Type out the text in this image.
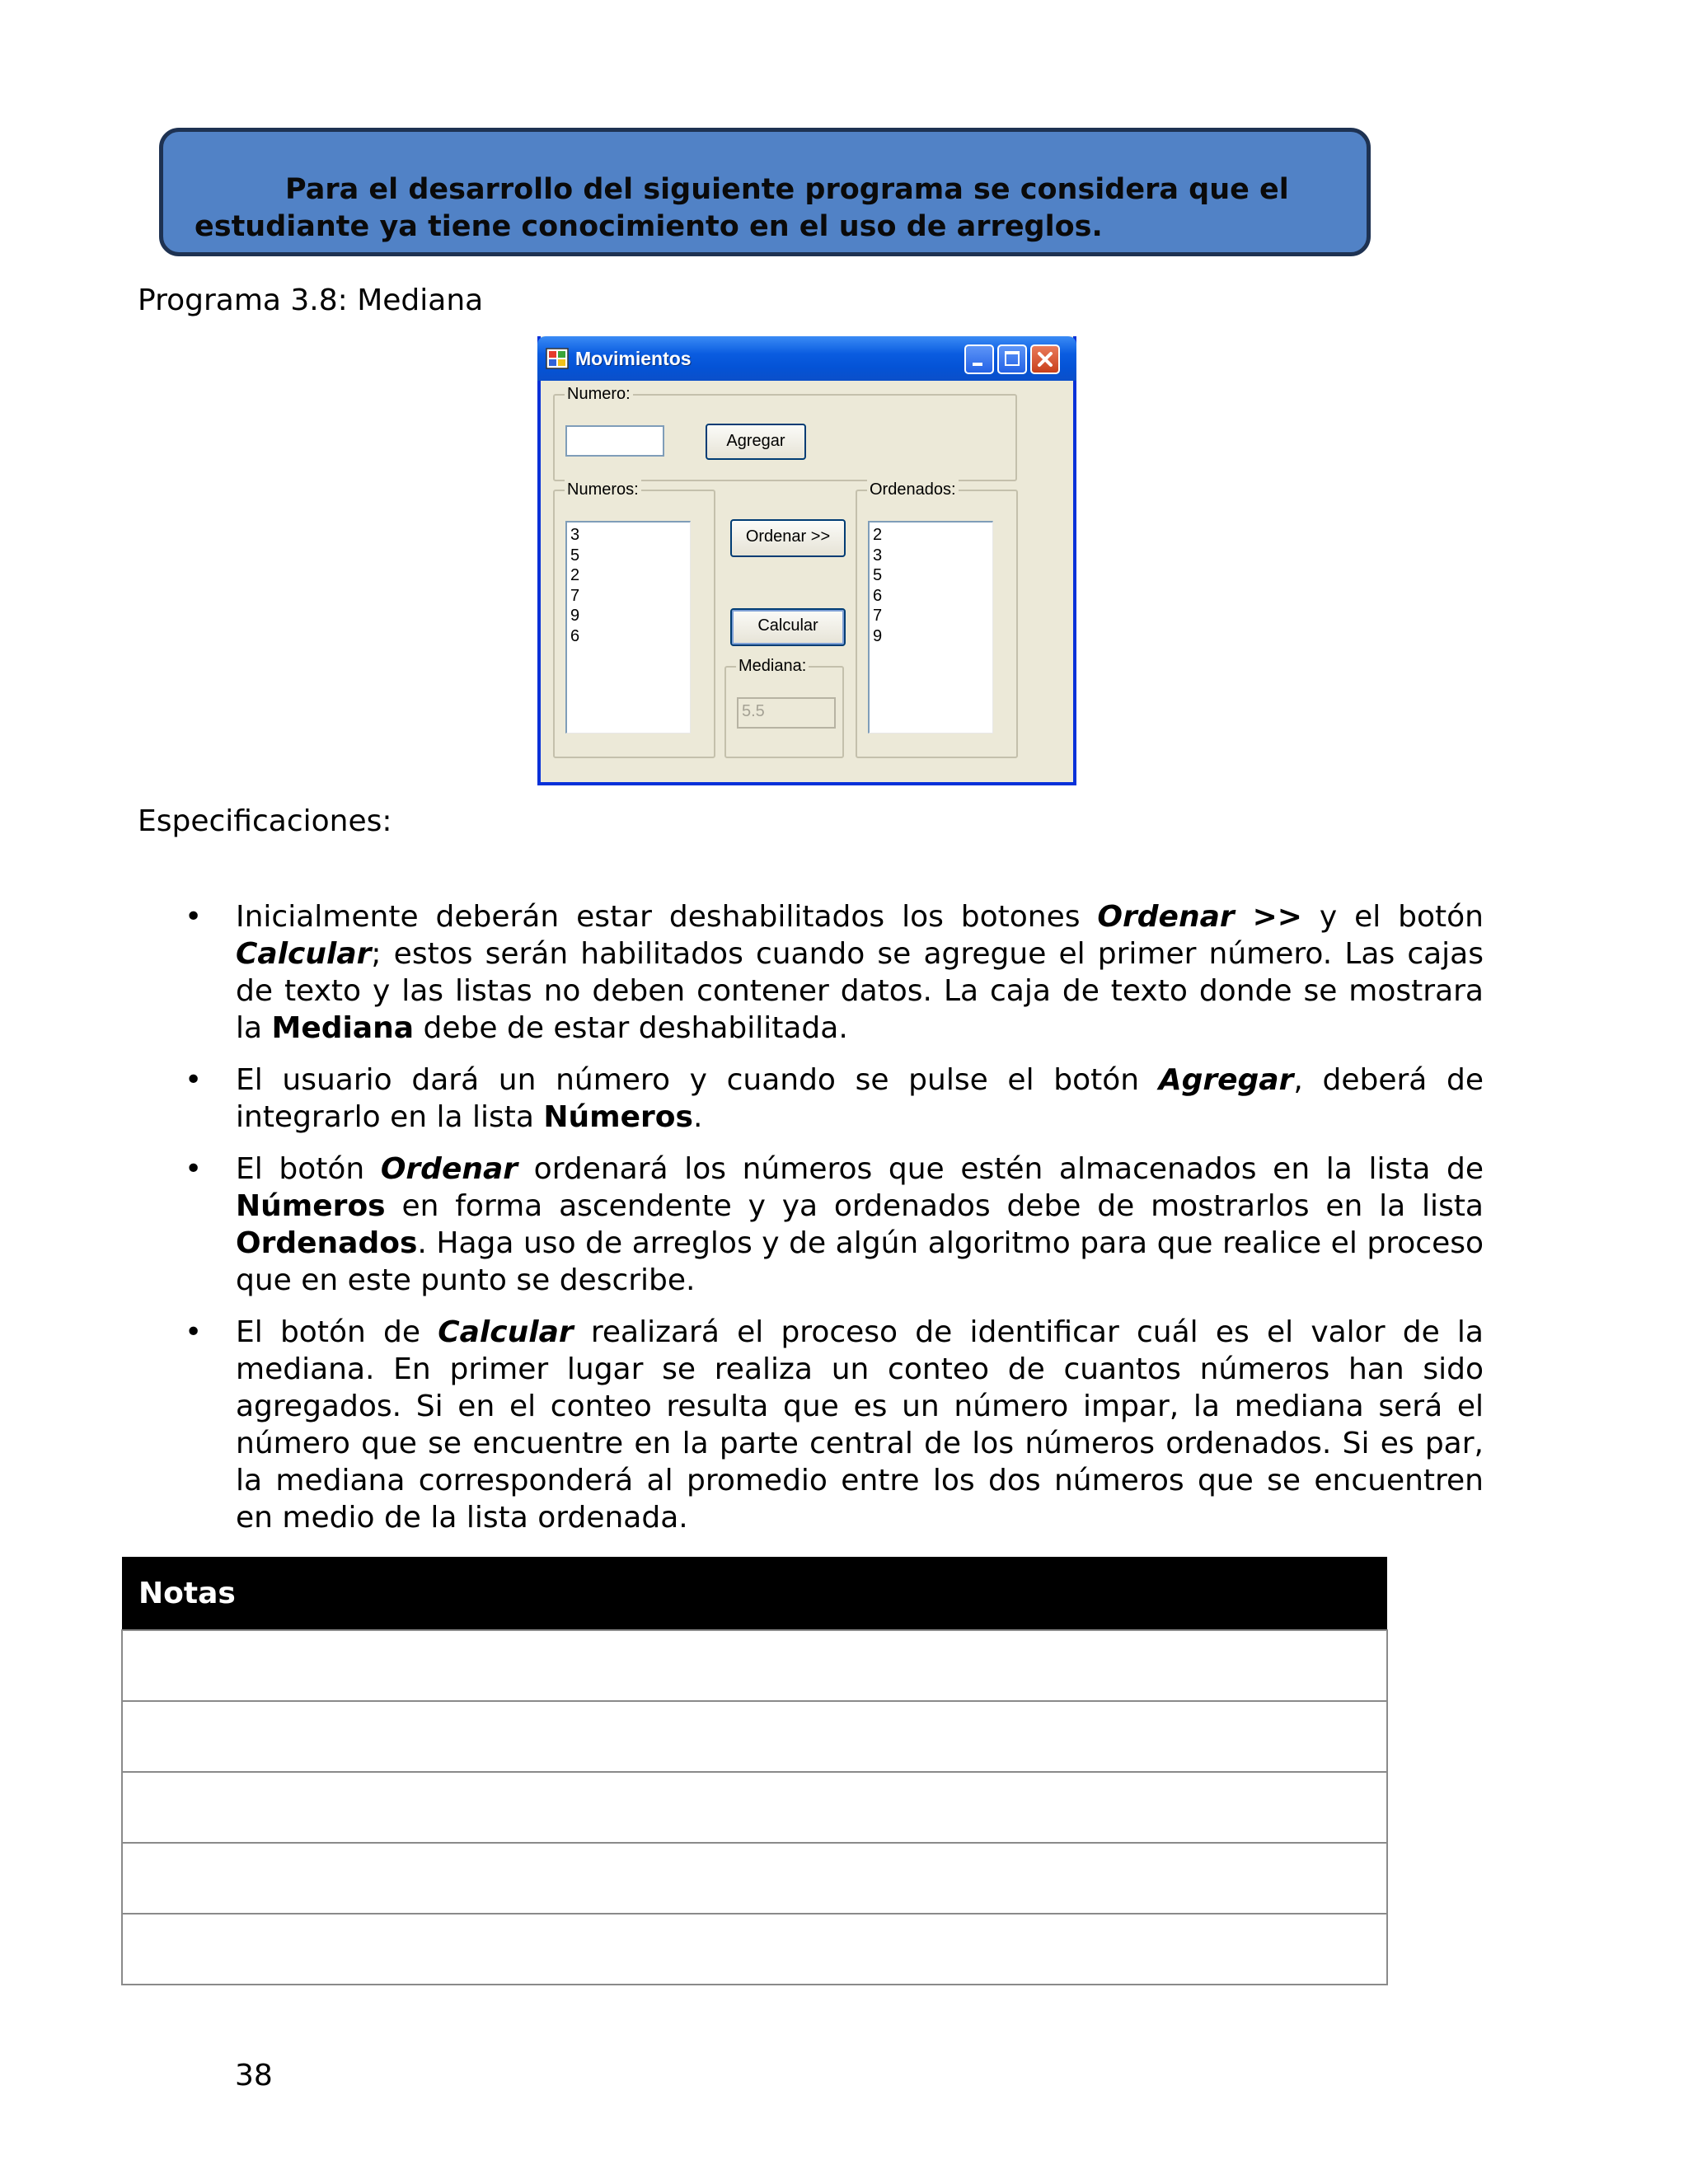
Para el desarrollo del siguiente programa se considera que el estudiante ya tiene conocimiento en el uso de arreglos.

Programa 3.8: Mediana
Movimientos
Numero:
Agregar
Numeros:
3
5
2
7
9
6
Ordenar >>
Calcular
Mediana:
5.5
Ordenados:
2
3
5
6
7
9
Especificaciones:
• Inicialmente deberán estar deshabilitados los botones Ordenar >> y el botón Calcular; estos serán habilitados cuando se agregue el primer número. Las cajas de texto y las listas no deben contener datos. La caja de texto donde se mostrara la Mediana debe de estar deshabilitada.
• El usuario dará un número y cuando se pulse el botón Agregar, deberá de integrarlo en la lista Números.
• El botón Ordenar ordenará los números que estén almacenados en la lista de Números en forma ascendente y ya ordenados debe de mostrarlos en la lista Ordenados. Haga uso de arreglos y de algún algoritmo para que realice el proceso que en este punto se describe.
• El botón de Calcular realizará el proceso de identificar cuál es el valor de la mediana. En primer lugar se realiza un conteo de cuantos números han sido agregados. Si en el conteo resulta que es un número impar, la mediana será el número que se encuentre en la parte central de los números ordenados. Si es par, la mediana corresponderá al promedio entre los dos números que se encuentren en medio de la lista ordenada.
Notas

38
